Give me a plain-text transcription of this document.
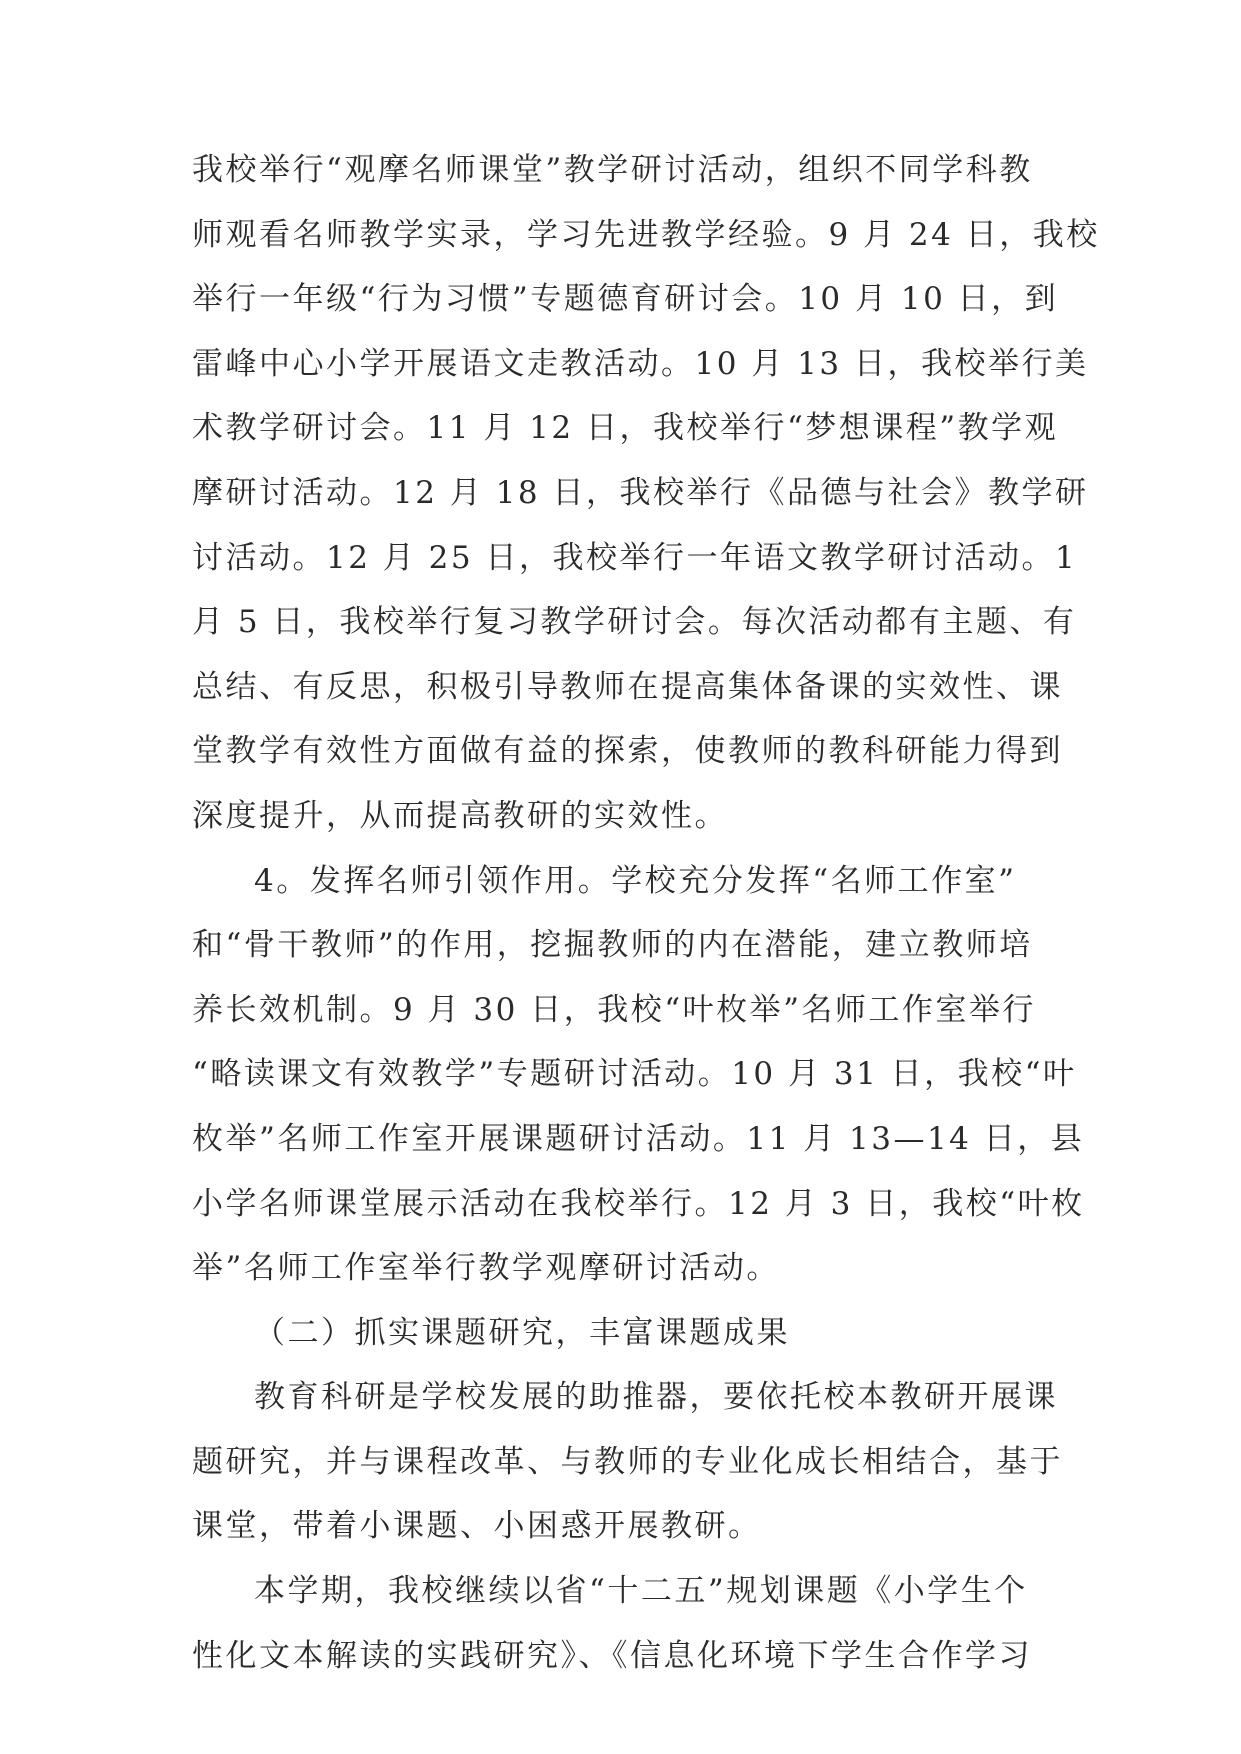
我校举行“观摩名师课堂”教学研讨活动，组织不同学科教
师观看名师教学实录，学习先进教学经验。9 月 24 日，我校
举行一年级“行为习惯”专题德育研讨会。10 月 10 日，到
雷峰中心小学开展语文走教活动。10 月 13 日，我校举行美
术教学研讨会。11 月 12 日，我校举行“梦想课程”教学观
摩研讨活动。12 月 18 日，我校举行《品德与社会》教学研
讨活动。12 月 25 日，我校举行一年语文教学研讨活动。1
月 5 日，我校举行复习教学研讨会。每次活动都有主题、有
总结、有反思，积极引导教师在提高集体备课的实效性、课
堂教学有效性方面做有益的探索，使教师的教科研能力得到
深度提升，从而提高教研的实效性。
4。发挥名师引领作用。学校充分发挥“名师工作室”
和“骨干教师”的作用，挖掘教师的内在潜能，建立教师培
养长效机制。9 月 30 日，我校“叶枚举”名师工作室举行
“略读课文有效教学”专题研讨活动。10 月 31 日，我校“叶
枚举”名师工作室开展课题研讨活动。11 月 13—14 日，县
小学名师课堂展示活动在我校举行。12 月 3 日，我校“叶枚
举”名师工作室举行教学观摩研讨活动。
（二）抓实课题研究，丰富课题成果
教育科研是学校发展的助推器，要依托校本教研开展课
题研究，并与课程改革、与教师的专业化成长相结合，基于
课堂，带着小课题、小困惑开展教研。
本学期，我校继续以省“十二五”规划课题《小学生个
性化文本解读的实践研究》、《信息化环境下学生合作学习
